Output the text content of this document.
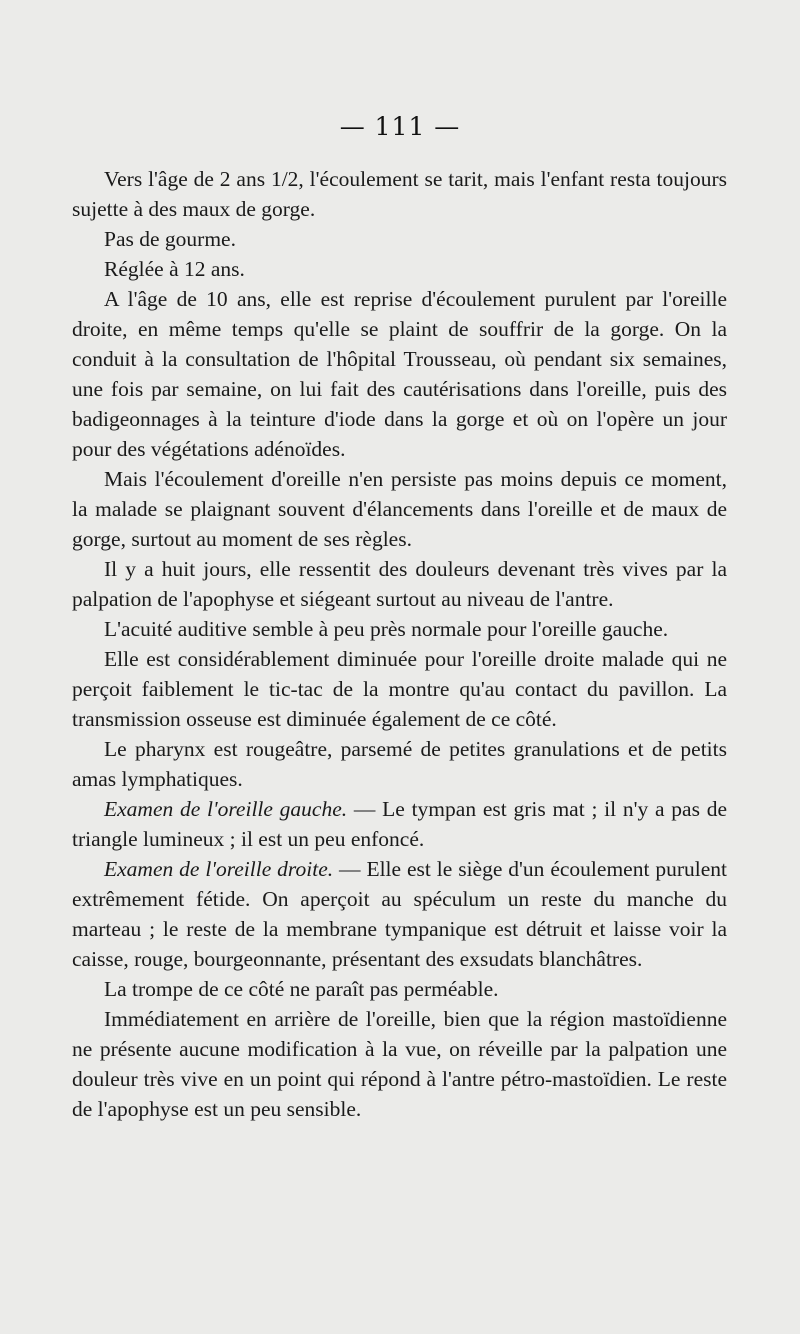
— 111 —

Vers l'âge de 2 ans 1/2, l'écoulement se tarit, mais l'enfant resta toujours sujette à des maux de gorge.

Pas de gourme.

Réglée à 12 ans.

A l'âge de 10 ans, elle est reprise d'écoulement purulent par l'oreille droite, en même temps qu'elle se plaint de souffrir de la gorge. On la conduit à la consultation de l'hôpital Trousseau, où pendant six semaines, une fois par semaine, on lui fait des cautérisations dans l'oreille, puis des badigeonnages à la teinture d'iode dans la gorge et où on l'opère un jour pour des végétations adénoïdes.

Mais l'écoulement d'oreille n'en persiste pas moins depuis ce moment, la malade se plaignant souvent d'élancements dans l'oreille et de maux de gorge, surtout au moment de ses règles.

Il y a huit jours, elle ressentit des douleurs devenant très vives par la palpation de l'apophyse et siégeant surtout au niveau de l'antre.

L'acuité auditive semble à peu près normale pour l'oreille gauche.

Elle est considérablement diminuée pour l'oreille droite malade qui ne perçoit faiblement le tic-tac de la montre qu'au contact du pavillon. La transmission osseuse est diminuée également de ce côté.

Le pharynx est rougeâtre, parsemé de petites granulations et de petits amas lymphatiques.

Examen de l'oreille gauche. — Le tympan est gris mat ; il n'y a pas de triangle lumineux ; il est un peu enfoncé.

Examen de l'oreille droite. — Elle est le siège d'un écoulement purulent extrêmement fétide. On aperçoit au spéculum un reste du manche du marteau ; le reste de la membrane tympanique est détruit et laisse voir la caisse, rouge, bourgeonnante, présentant des exsudats blanchâtres.

La trompe de ce côté ne paraît pas perméable.

Immédiatement en arrière de l'oreille, bien que la région mastoïdienne ne présente aucune modification à la vue, on réveille par la palpation une douleur très vive en un point qui répond à l'antre pétro-mastoïdien. Le reste de l'apophyse est un peu sensible.
